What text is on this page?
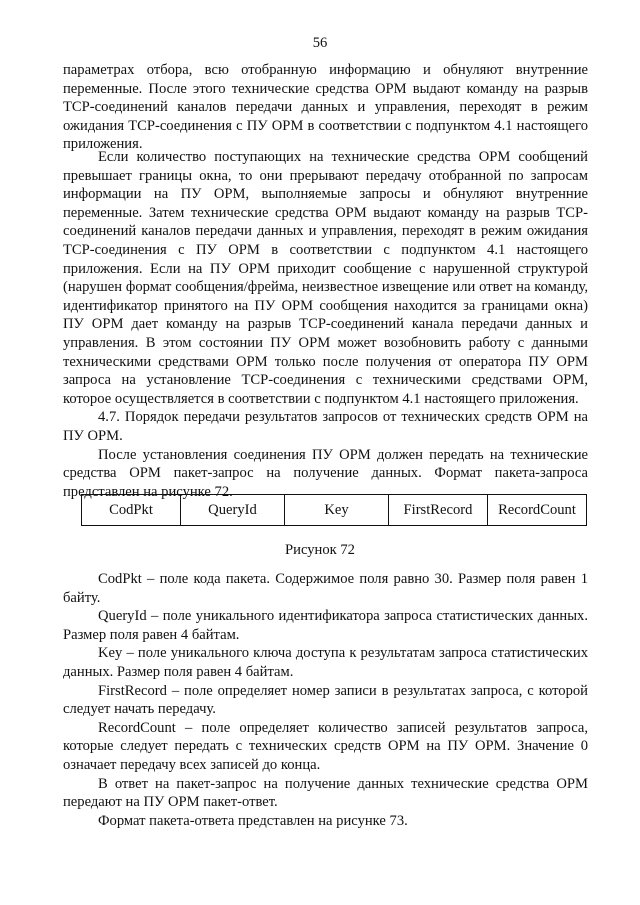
56

параметрах отбора, всю отобранную информацию и обнуляют внутренние переменные. После этого технические средства ОРМ выдают команду на разрыв TCP-соединений каналов передачи данных и управления, переходят в режим ожидания TCP-соединения с ПУ ОРМ в соответствии с подпунктом 4.1 настоящего приложения.

Если количество поступающих на технические средства ОРМ сообщений превышает границы окна, то они прерывают передачу отобранной по запросам информации на ПУ ОРМ, выполняемые запросы и обнуляют внутренние переменные. Затем технические средства ОРМ выдают команду на разрыв TCP-соединений каналов передачи данных и управления, переходят в режим ожидания TCP-соединения с ПУ ОРМ в соответствии с подпунктом 4.1 настоящего приложения. Если на ПУ ОРМ приходит сообщение с нарушенной структурой (нарушен формат сообщения/фрейма, неизвестное извещение или ответ на команду, идентификатор принятого на ПУ ОРМ сообщения находится за границами окна) ПУ ОРМ дает команду на разрыв TCP-соединений канала передачи данных и управления. В этом состоянии ПУ ОРМ может возобновить работу с данными техническими средствами ОРМ только после получения от оператора ПУ ОРМ запроса на установление TCP-соединения с техническими средствами ОРМ, которое осуществляется в соответствии с подпунктом 4.1 настоящего приложения.

4.7. Порядок передачи результатов запросов от технических средств ОРМ на ПУ ОРМ.

После установления соединения ПУ ОРМ должен передать на технические средства ОРМ пакет-запрос на получение данных. Формат пакета-запроса представлен на рисунке 72.

CodPkt	QueryId	Key	FirstRecord	RecordCount
Рисунок 72

CodPkt – поле кода пакета. Содержимое поля равно 30. Размер поля равен 1 байту.

QueryId – поле уникального идентификатора запроса статистических данных. Размер поля равен 4 байтам.

Key – поле уникального ключа доступа к результатам запроса статистических данных. Размер поля равен 4 байтам.

FirstRecord – поле определяет номер записи в результатах запроса, с которой следует начать передачу.

RecordCount – поле определяет количество записей результатов запроса, которые следует передать с технических средств ОРМ на ПУ ОРМ. Значение 0 означает передачу всех записей до конца.

В ответ на пакет-запрос на получение данных технические средства ОРМ передают на ПУ ОРМ пакет-ответ.

Формат пакета-ответа представлен на рисунке 73.
